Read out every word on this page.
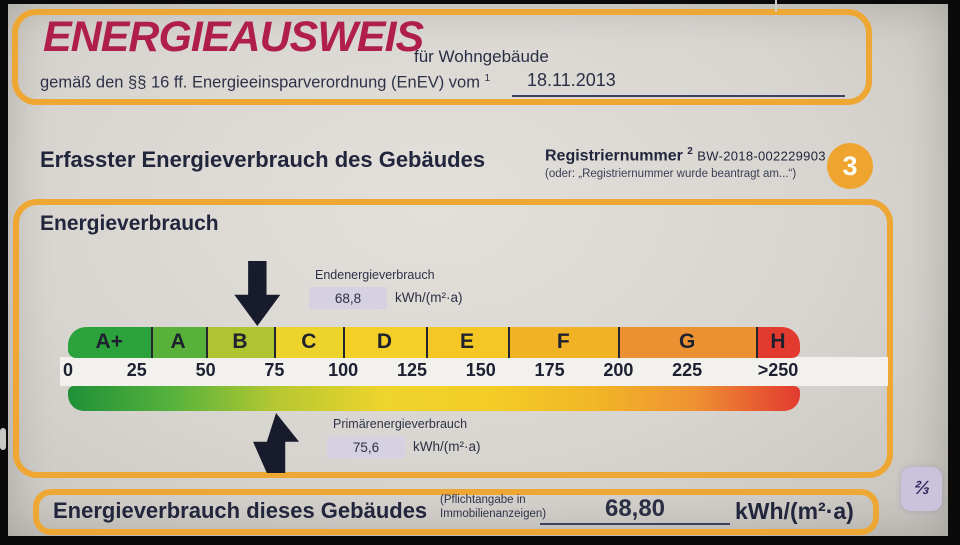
ENERGIEAUSWEIS
für Wohngebäude
gemäß den §§ 16 ff. Energieeinsparverordnung (EnEV) vom $^1$ 18.11.2013
Erfasster Energieverbrauch des Gebäudes	Registriernummer $^2$ BW-2018-002229903
(oder: „Registriernummer wurde beantragt am...“)	3
Energieverbrauch
Endenergieverbrauch
68,8	kWh/(m²·a)
A+ A B	C	D	E	F	G	H
0	25	50	75 100 125 150 175 200 225	>250
Primärenergieverbrauch
75,6	kWh/(m²·a)
Energieverbrauch dieses Gebäudes (Pflichtangabe in
Immobilienanzeigen)	68,80	kWh/(m²·a)
⅔
